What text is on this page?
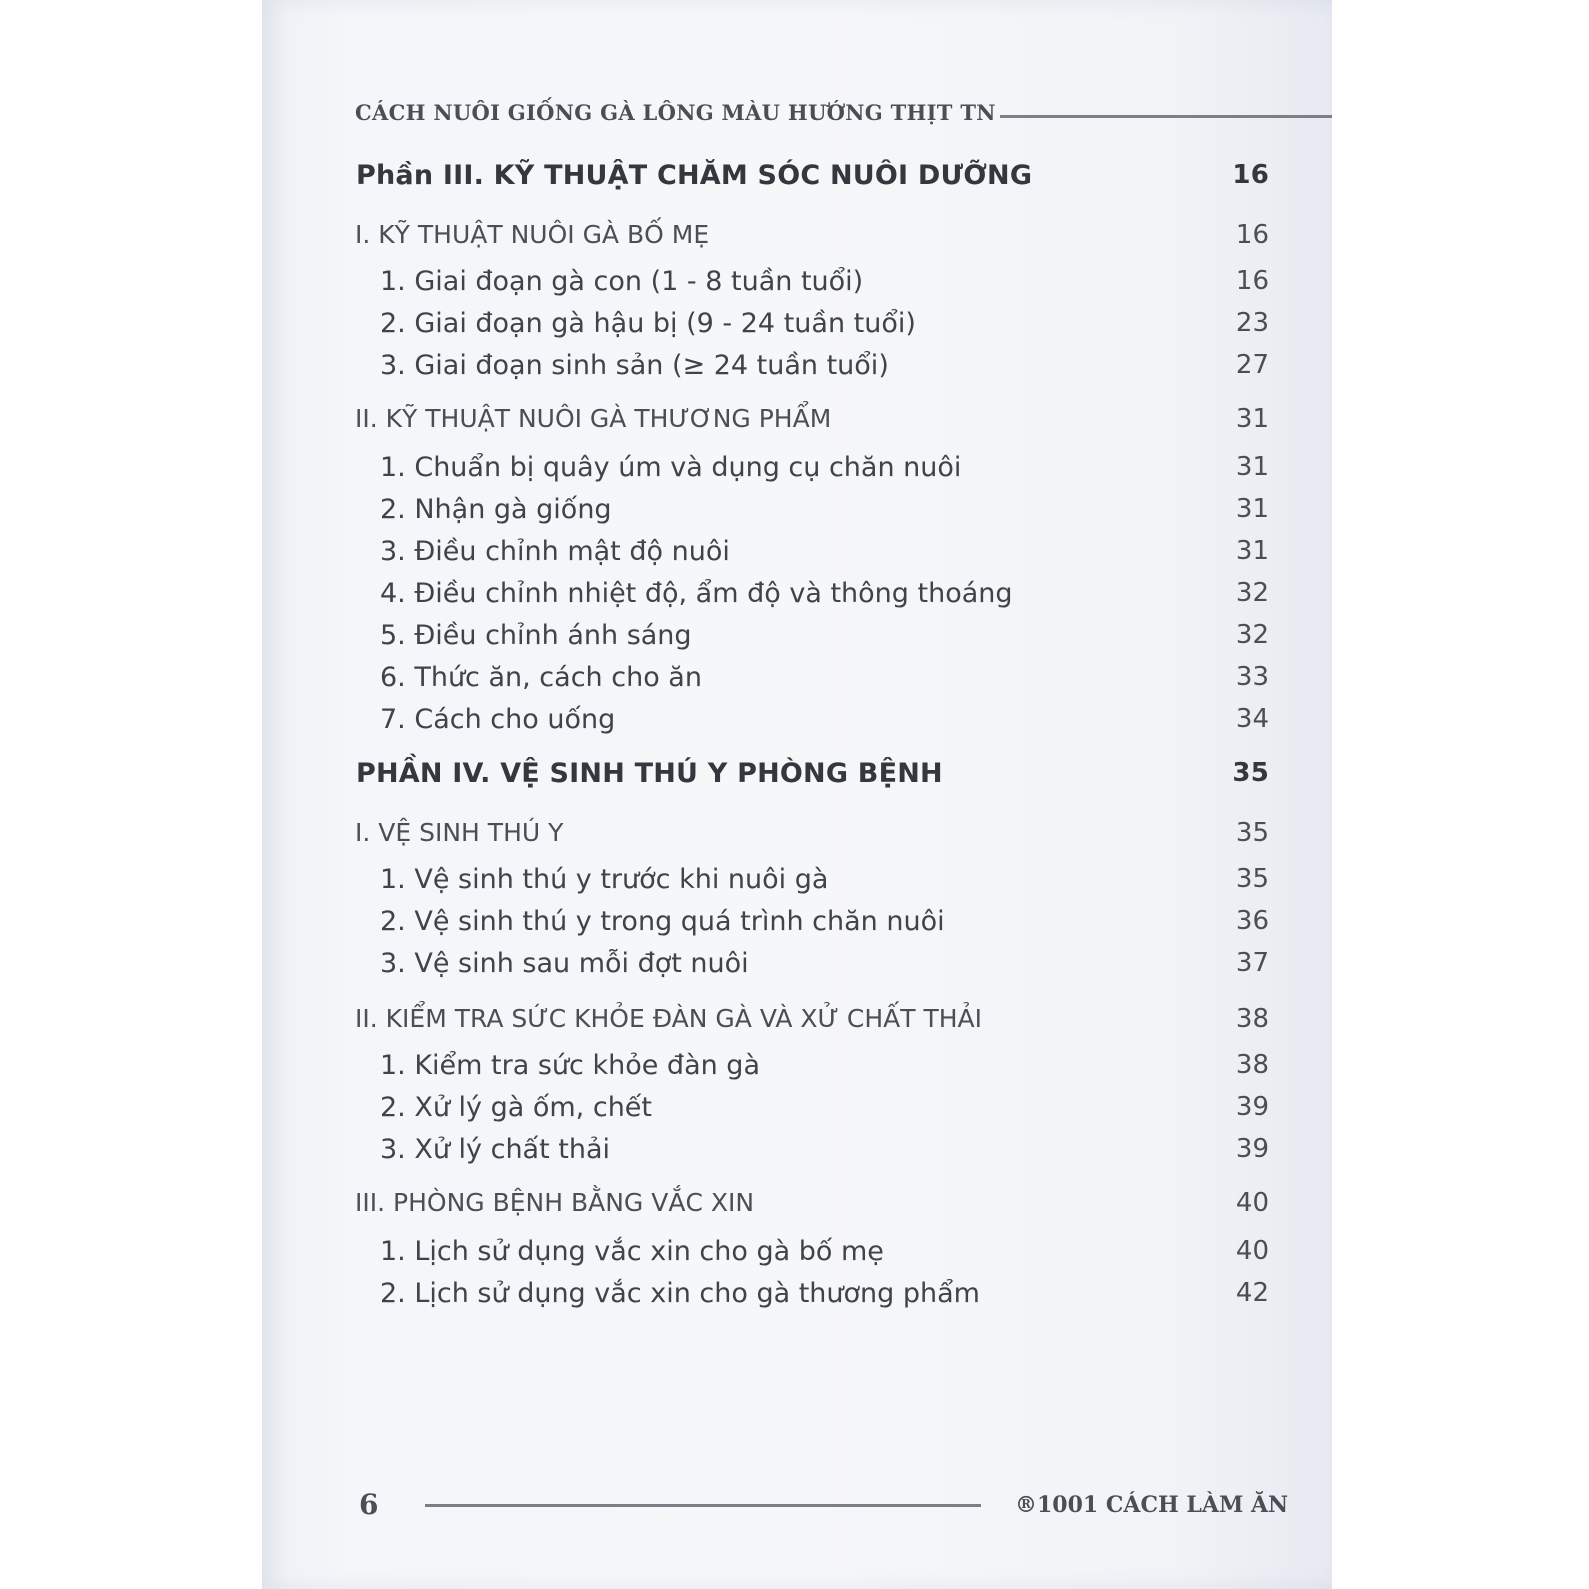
CÁCH NUÔI GIỐNG GÀ LÔNG MÀU HƯỚNG THỊT TN
Phần III. KỸ THUẬT CHĂM SÓC NUÔI DƯỠNG	16
I. KỸ THUẬT NUÔI GÀ BỐ MẸ	16
1. Giai đoạn gà con (1 - 8 tuần tuổi)	16
2. Giai đoạn gà hậu bị (9 - 24 tuần tuổi)	23
3. Giai đoạn sinh sản (≥ 24 tuần tuổi)	27
II. KỸ THUẬT NUÔI GÀ THƯƠNG PHẨM	31
1. Chuẩn bị quây úm và dụng cụ chăn nuôi	31
2. Nhận gà giống	31
3. Điều chỉnh mật độ nuôi	31
4. Điều chỉnh nhiệt độ, ẩm độ và thông thoáng	32
5. Điều chỉnh ánh sáng	32
6. Thức ăn, cách cho ăn	33
7. Cách cho uống	34
PHẦN IV. VỆ SINH THÚ Y PHÒNG BỆNH	35
I. VỆ SINH THÚ Y	35
1. Vệ sinh thú y trước khi nuôi gà	35
2. Vệ sinh thú y trong quá trình chăn nuôi	36
3. Vệ sinh sau mỗi đợt nuôi	37
II. KIỂM TRA SỨC KHỎE ĐÀN GÀ VÀ XỬ CHẤT THẢI	38
1. Kiểm tra sức khỏe đàn gà	38
2. Xử lý gà ốm, chết	39
3. Xử lý chất thải	39
III. PHÒNG BỆNH BẰNG VẮC XIN	40
1. Lịch sử dụng vắc xin cho gà bố mẹ	40
2. Lịch sử dụng vắc xin cho gà thương phẩm	42
6	®1001 CÁCH LÀM ĂN
